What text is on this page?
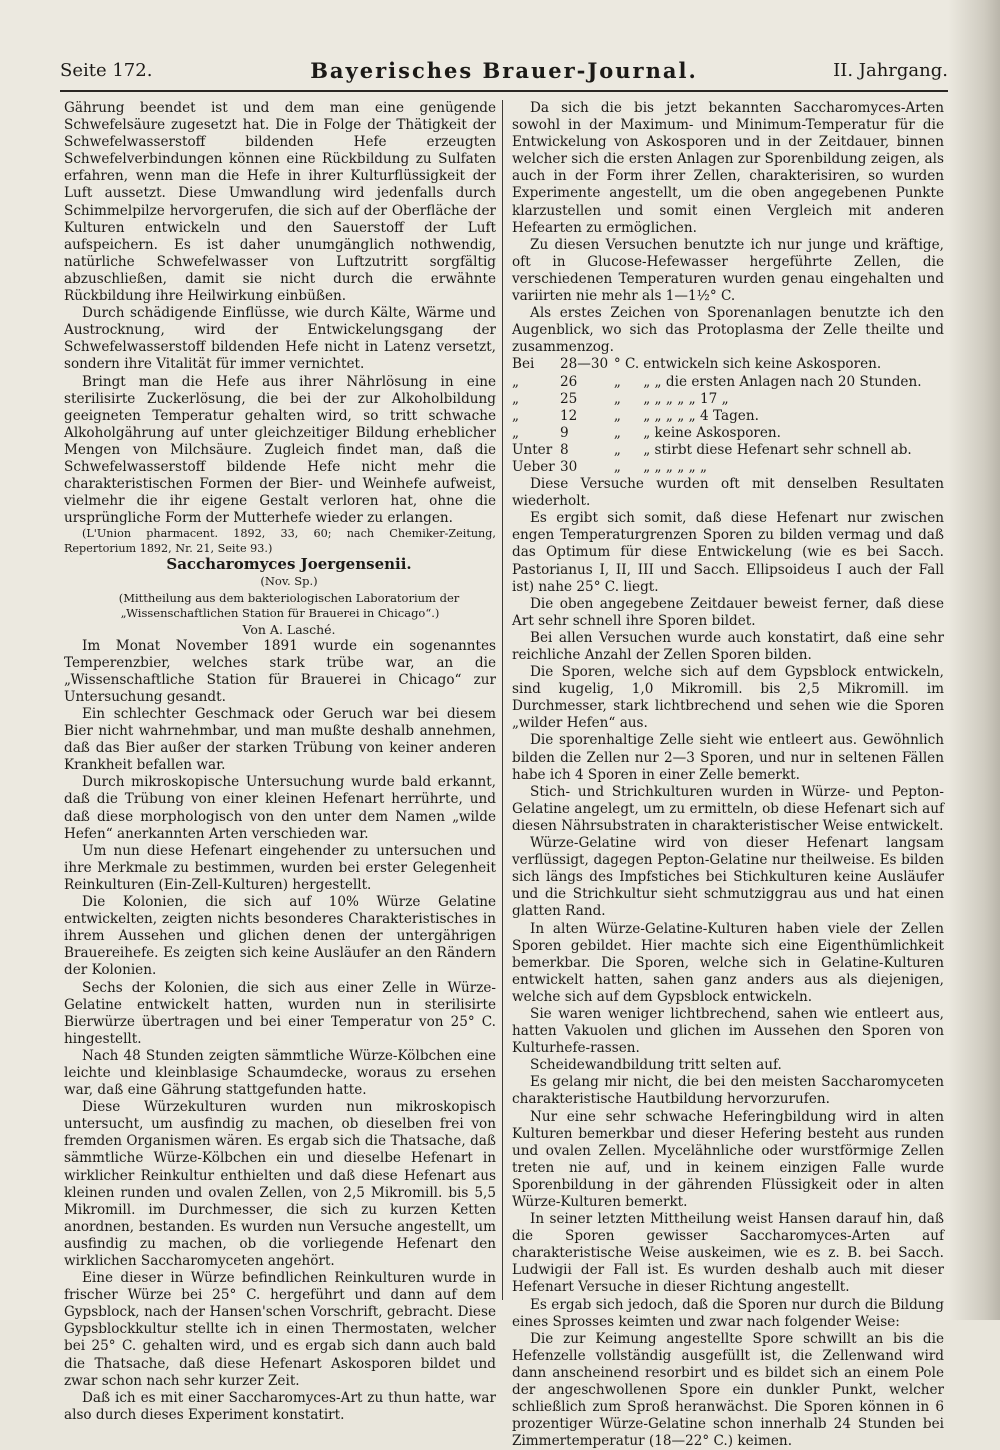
Seite 172.	Bayerisches Brauer-Journal.	II. Jahrgang.

Gährung beendet ist und dem man eine genügende Schwefelsäure zugesetzt hat. Die in Folge der Thätigkeit der Schwefelwasserstoff bildenden Hefe erzeugten Schwefelverbindungen können eine Rückbildung zu Sulfaten erfahren, wenn man die Hefe in ihrer Kulturflüssigkeit der Luft aussetzt. Diese Umwandlung wird jedenfalls durch Schimmelpilze hervorgerufen, die sich auf der Oberfläche der Kulturen entwickeln und den Sauerstoff der Luft aufspeichern. Es ist daher unumgänglich nothwendig, natürliche Schwefelwasser von Luftzutritt sorgfältig abzuschließen, damit sie nicht durch die erwähnte Rückbildung ihre Heilwirkung einbüßen.

Durch schädigende Einflüsse, wie durch Kälte, Wärme und Austrocknung, wird der Entwickelungsgang der Schwefelwasserstoff bildenden Hefe nicht in Latenz versetzt, sondern ihre Vitalität für immer vernichtet.

Bringt man die Hefe aus ihrer Nährlösung in eine sterilisirte Zuckerlösung, die bei der zur Alkoholbildung geeigneten Temperatur gehalten wird, so tritt schwache Alkoholgährung auf unter gleichzeitiger Bildung erheblicher Mengen von Milchsäure. Zugleich findet man, daß die Schwefelwasserstoff bildende Hefe nicht mehr die charakteristischen Formen der Bier- und Weinhefe aufweist, vielmehr die ihr eigene Gestalt verloren hat, ohne die ursprüngliche Form der Mutterhefe wieder zu erlangen.

(L'Union pharmacent. 1892, 33, 60; nach Chemiker-Zeitung, Repertorium 1892, Nr. 21, Seite 93.)

Saccharomyces Joergensenii.

(Nov. Sp.)

(Mittheilung aus dem bakteriologischen Laboratorium der „Wissenschaftlichen Station für Brauerei in Chicago“.)

Von A. Lasché.

Im Monat November 1891 wurde ein sogenanntes Temperenzbier, welches stark trübe war, an die „Wissenschaftliche Station für Brauerei in Chicago“ zur Untersuchung gesandt.

Ein schlechter Geschmack oder Geruch war bei diesem Bier nicht wahrnehmbar, und man mußte deshalb annehmen, daß das Bier außer der starken Trübung von keiner anderen Krankheit befallen war.

Durch mikroskopische Untersuchung wurde bald erkannt, daß die Trübung von einer kleinen Hefenart herrührte, und daß diese morphologisch von den unter dem Namen „wilde Hefen“ anerkannten Arten verschieden war.

Um nun diese Hefenart eingehender zu untersuchen und ihre Merkmale zu bestimmen, wurden bei erster Gelegenheit Reinkulturen (Ein-Zell-Kulturen) hergestellt.

Die Kolonien, die sich auf 10% Würze Gelatine entwickelten, zeigten nichts besonderes Charakteristisches in ihrem Aussehen und glichen denen der untergährigen Brauereihefe. Es zeigten sich keine Ausläufer an den Rändern der Kolonien.

Sechs der Kolonien, die sich aus einer Zelle in Würze-Gelatine entwickelt hatten, wurden nun in sterilisirte Bierwürze übertragen und bei einer Temperatur von 25° C. hingestellt.

Nach 48 Stunden zeigten sämmtliche Würze-Kölbchen eine leichte und kleinblasige Schaumdecke, woraus zu ersehen war, daß eine Gährung stattgefunden hatte.

Diese Würzekulturen wurden nun mikroskopisch untersucht, um ausfindig zu machen, ob dieselben frei von fremden Organismen wären. Es ergab sich die Thatsache, daß sämmtliche Würze-Kölbchen ein und dieselbe Hefenart in wirklicher Reinkultur enthielten und daß diese Hefenart aus kleinen runden und ovalen Zellen, von 2,5 Mikromill. bis 5,5 Mikromill. im Durchmesser, die sich zu kurzen Ketten anordnen, bestanden. Es wurden nun Versuche angestellt, um ausfindig zu machen, ob die vorliegende Hefenart den wirklichen Saccharomyceten angehört.

Eine dieser in Würze befindlichen Reinkulturen wurde in frischer Würze bei 25° C. hergeführt und dann auf dem Gypsblock, nach der Hansen'schen Vorschrift, gebracht. Diese Gypsblockkultur stellte ich in einen Thermostaten, welcher bei 25° C. gehalten wird, und es ergab sich dann auch bald die Thatsache, daß diese Hefenart Askosporen bildet und zwar schon nach sehr kurzer Zeit.

Daß ich es mit einer Saccharomyces-Art zu thun hatte, war also durch dieses Experiment konstatirt.

Da sich die bis jetzt bekannten Saccharomyces-Arten sowohl in der Maximum- und Minimum-Temperatur für die Entwickelung von Askosporen und in der Zeitdauer, binnen welcher sich die ersten Anlagen zur Sporenbildung zeigen, als auch in der Form ihrer Zellen, charakterisiren, so wurden Experimente angestellt, um die oben angegebenen Punkte klarzustellen und somit einen Vergleich mit anderen Hefearten zu ermöglichen.

Zu diesen Versuchen benutzte ich nur junge und kräftige, oft in Glucose-Hefewasser hergeführte Zellen, die verschiedenen Temperaturen wurden genau eingehalten und variirten nie mehr als 1—1½° C.

Als erstes Zeichen von Sporenanlagen benutzte ich den Augenblick, wo sich das Protoplasma der Zelle theilte und zusammenzog.

Bei	28—30	° C.	entwickeln sich keine Askosporen.
„	26	„	„ „ die ersten Anlagen nach 20 Stunden.
„	25	„	„ „ „ „ „ 17 „
„	12	„	„ „ „ „ „ 4 Tagen.
„	9	„	„ keine Askosporen.
Unter	8	„	„ stirbt diese Hefenart sehr schnell ab.
Ueber	30	„	„ „ „ „ „ „

Diese Versuche wurden oft mit denselben Resultaten wiederholt.

Es ergibt sich somit, daß diese Hefenart nur zwischen engen Temperaturgrenzen Sporen zu bilden vermag und daß das Optimum für diese Entwickelung (wie es bei Sacch. Pastorianus I, II, III und Sacch. Ellipsoideus I auch der Fall ist) nahe 25° C. liegt.

Die oben angegebene Zeitdauer beweist ferner, daß diese Art sehr schnell ihre Sporen bildet.

Bei allen Versuchen wurde auch konstatirt, daß eine sehr reichliche Anzahl der Zellen Sporen bilden.

Die Sporen, welche sich auf dem Gypsblock entwickeln, sind kugelig, 1,0 Mikromill. bis 2,5 Mikromill. im Durchmesser, stark lichtbrechend und sehen wie die Sporen „wilder Hefen“ aus.

Die sporenhaltige Zelle sieht wie entleert aus. Gewöhnlich bilden die Zellen nur 2—3 Sporen, und nur in seltenen Fällen habe ich 4 Sporen in einer Zelle bemerkt.

Stich- und Strichkulturen wurden in Würze- und Pepton-Gelatine angelegt, um zu ermitteln, ob diese Hefenart sich auf diesen Nährsubstraten in charakteristischer Weise entwickelt.

Würze-Gelatine wird von dieser Hefenart langsam verflüssigt, dagegen Pepton-Gelatine nur theilweise. Es bilden sich längs des Impfstiches bei Stichkulturen keine Ausläufer und die Strichkultur sieht schmutziggrau aus und hat einen glatten Rand.

In alten Würze-Gelatine-Kulturen haben viele der Zellen Sporen gebildet. Hier machte sich eine Eigenthümlichkeit bemerkbar. Die Sporen, welche sich in Gelatine-Kulturen entwickelt hatten, sahen ganz anders aus als diejenigen, welche sich auf dem Gypsblock entwickeln.

Sie waren weniger lichtbrechend, sahen wie entleert aus, hatten Vakuolen und glichen im Aussehen den Sporen von Kulturhefe-rassen.

Scheidewandbildung tritt selten auf.

Es gelang mir nicht, die bei den meisten Saccharomyceten charakteristische Hautbildung hervorzurufen.

Nur eine sehr schwache Heferingbildung wird in alten Kulturen bemerkbar und dieser Hefering besteht aus runden und ovalen Zellen. Mycelähnliche oder wurstförmige Zellen treten nie auf, und in keinem einzigen Falle wurde Sporenbildung in der gährenden Flüssigkeit oder in alten Würze-Kulturen bemerkt.

In seiner letzten Mittheilung weist Hansen darauf hin, daß die Sporen gewisser Saccharomyces-Arten auf charakteristische Weise auskeimen, wie es z. B. bei Sacch. Ludwigii der Fall ist. Es wurden deshalb auch mit dieser Hefenart Versuche in dieser Richtung angestellt.

Es ergab sich jedoch, daß die Sporen nur durch die Bildung eines Sprosses keimten und zwar nach folgender Weise:

Die zur Keimung angestellte Spore schwillt an bis die Hefenzelle vollständig ausgefüllt ist, die Zellenwand wird dann anscheinend resorbirt und es bildet sich an einem Pole der angeschwollenen Spore ein dunkler Punkt, welcher schließlich zum Sproß heranwächst. Die Sporen können in 6 prozentiger Würze-Gelatine schon innerhalb 24 Stunden bei Zimmertemperatur (18—22° C.) keimen.
